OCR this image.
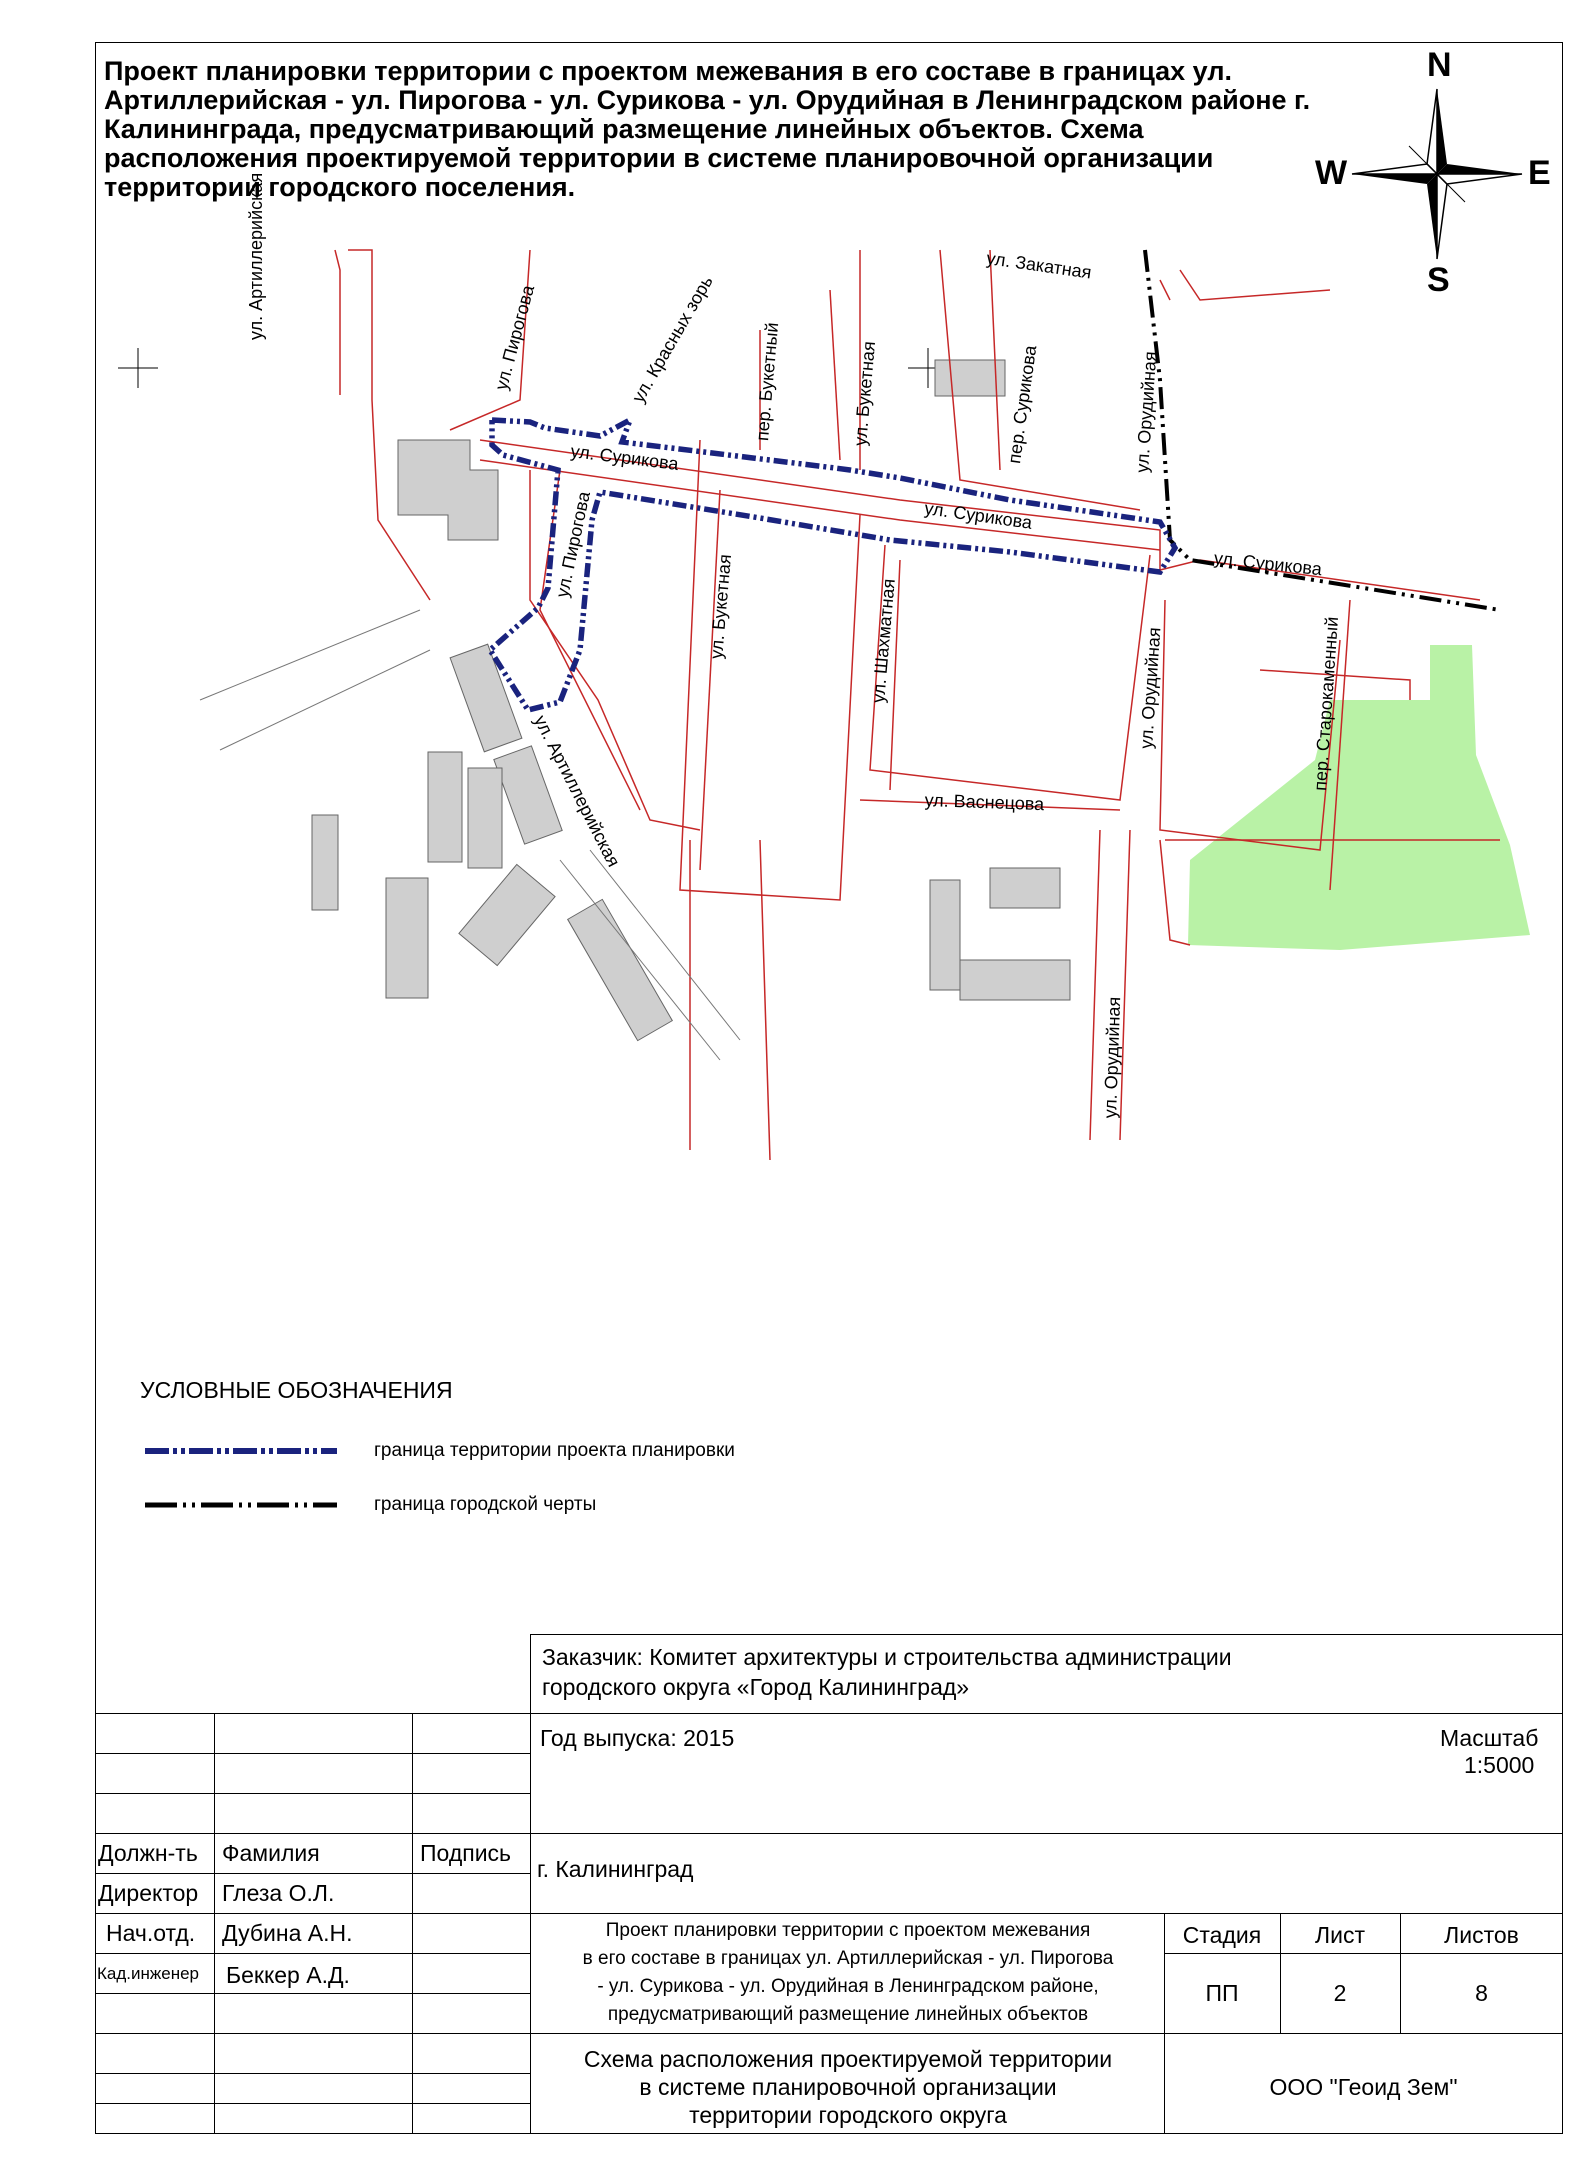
Проект планировки территории с проектом межевания в его составе в границах ул. Артиллерийская - ул. Пирогова - ул. Сурикова - ул. Орудийная в Ленинградском районе г. Калининграда, предусматривающий размещение линейных объектов. Схема расположения проектируемой территории в системе планировочной организации территории городского поселения.

N
W	E
S
ул. Артиллерийская
ул. Артиллерийская
ул. Пирогова
ул. Пирогова
ул. Красных зорь
ул. Сурикова
ул. Сурикова
ул. Сурикова
ул. Букетная
ул. Букетная
пер. Букетный
ул. Закатная
пер. Сурикова	ул. Орудийная
ул. Орудийная
ул. Орудийная
ул. Шахматная
ул. Васнецова
пер. Старокаменный
УСЛОВНЫЕ ОБОЗНАЧЕНИЯ
граница территории проекта планировки
граница городской черты
Заказчик: Комитет архитектуры и строительства администрации
городского округа «Город Калининград»
Год выпуска: 2015	Масштаб
1:5000
г. Калининград
Должн-ть Фамилия	Подпись
Директор Глеза О.Л.
Нач.отд. Дубина А.Н.
Кад.инженер Беккер А.Д.
Проект планировки территории с проектом межевания
в его составе в границах ул. Артиллерийская - ул. Пирогова
- ул. Сурикова - ул. Орудийная в Ленинградском районе,
предусматривающий размещение линейных объектов
Стадия	Лист	Листов
ПП	2	8
Схема расположения проектируемой территории
в системе планировочной организации
территории городского округа
ООО "Геоид Зем"
